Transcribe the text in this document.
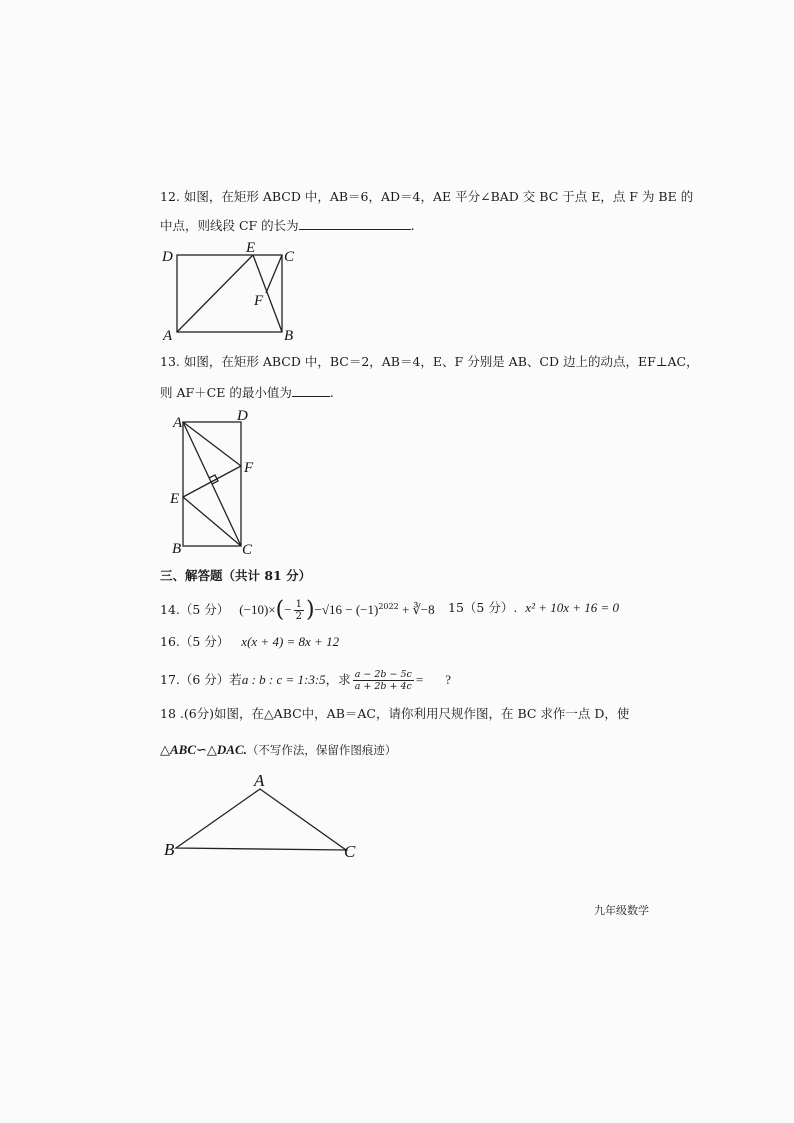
12. 如图，在矩形 ABCD 中，AB＝6，AD＝4，AE 平分∠BAD 交 BC 于点 E，点 F 为 BE 的
中点，则线段 CF 的长为	.
D
E
C
F
A	B
13. 如图，在矩形 ABCD 中，BC＝2，AB＝4，E、F 分别是 AB、CD 边上的动点，EF⊥AC，
则 AF＋CE 的最小值为	.
A	D
F
E
B	C
三、解答题（共计 81 分）
14.（5 分） $(-10)\times(- \frac{1}{2} )-√16 - (-1)^{2022}$ + ∛−8 15（5 分）. x² + 10x + 16 = 0
16.（5 分） x(x + 4) = 8x + 12
17.（6 分）若a : b : c = 1:3:5，求 $\frac{a - 2b - 5c}{a + 2b + 4c}$ = ?
18 .(6分)如图，在△ABC中，AB＝AC，请你利用尺规作图，在 BC 求作一点 D，使
△ABC∽△DAC.（不写作法，保留作图痕迹）
A
B	C
九年级数学
